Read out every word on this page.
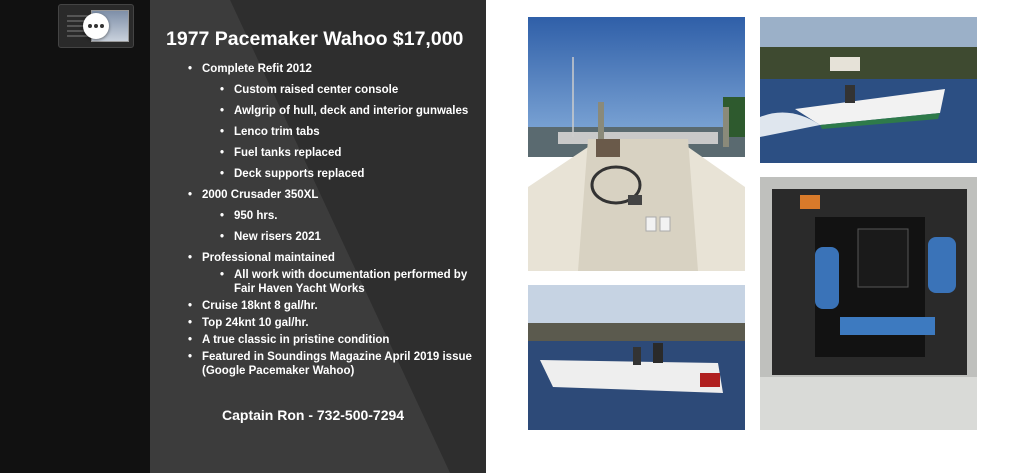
1977 Pacemaker Wahoo $17,000
• Complete Refit 2012
• Custom raised center console
• Awlgrip of hull, deck and interior gunwales
• Lenco trim tabs
• Fuel tanks replaced
• Deck supports replaced
• 2000 Crusader 350XL
• 950 hrs.
• New risers 2021
• Professional maintained
• All work with documentation performed by Fair Haven Yacht Works
• Cruise 18knt 8 gal/hr.
• Top 24knt 10 gal/hr.
• A true classic in pristine condition
• Featured in Soundings Magazine April 2019 issue (Google Pacemaker Wahoo)
Captain Ron - 732-500-7294
